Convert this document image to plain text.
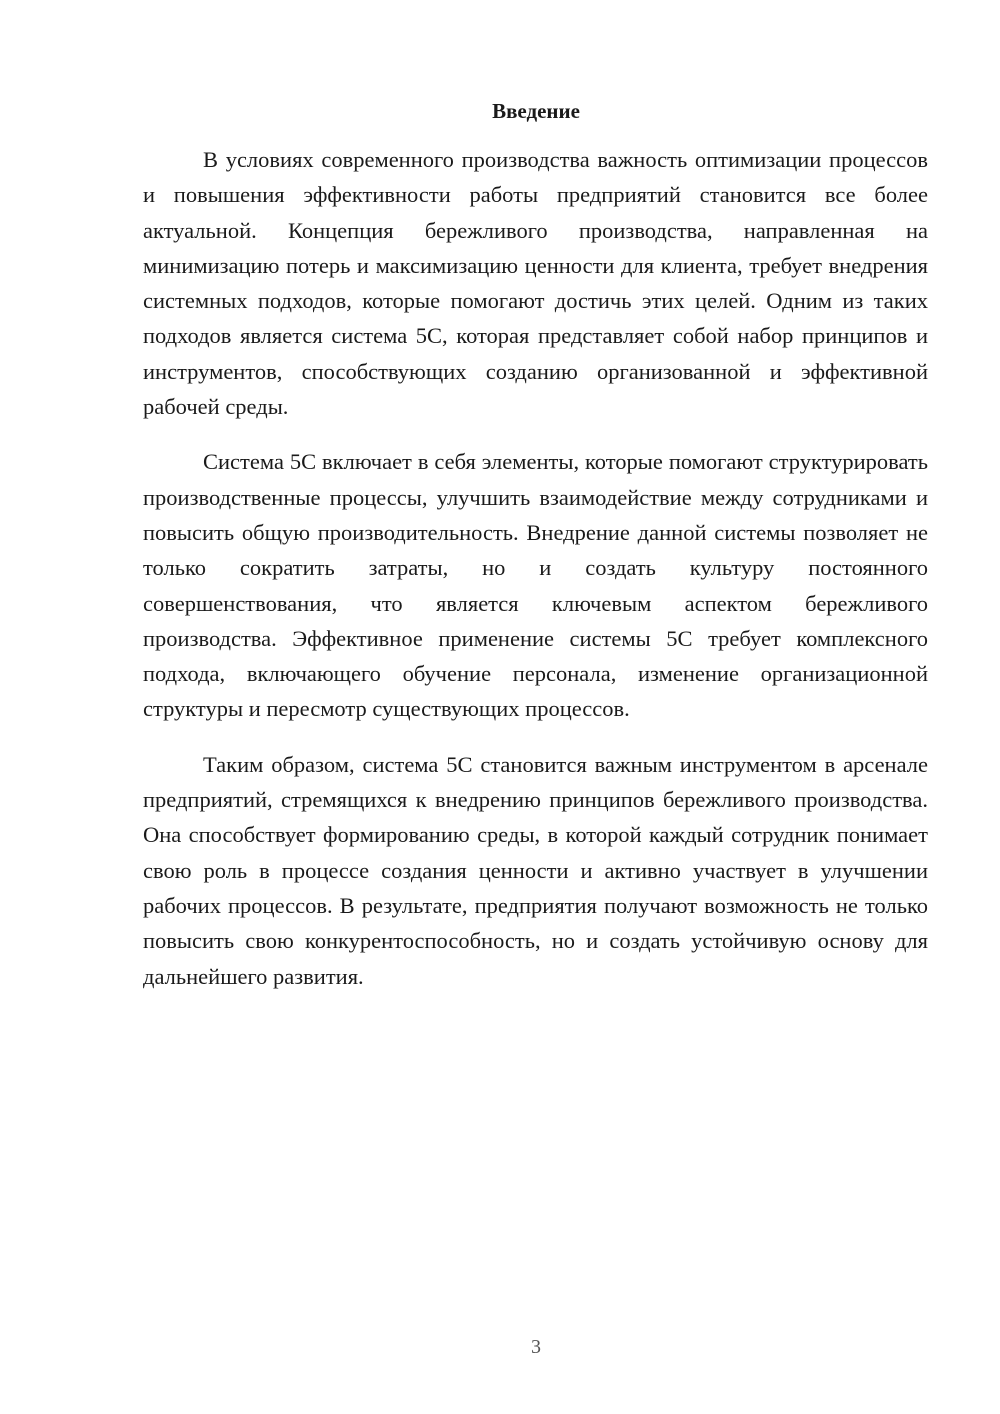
Введение

В условиях современного производства важность оптимизации процессов и повышения эффективности работы предприятий становится все более актуальной. Концепция бережливого производства, направленная на минимизацию потерь и максимизацию ценности для клиента, требует внедрения системных подходов, которые помогают достичь этих целей. Одним из таких подходов является система 5С, которая представляет собой набор принципов и инструментов, способствующих созданию организованной и эффективной рабочей среды.

Система 5С включает в себя элементы, которые помогают структурировать производственные процессы, улучшить взаимодействие между сотрудниками и повысить общую производительность. Внедрение данной системы позволяет не только сократить затраты, но и создать культуру постоянного совершенствования, что является ключевым аспектом бережливого производства. Эффективное применение системы 5С требует комплексного подхода, включающего обучение персонала, изменение организационной структуры и пересмотр существующих процессов.

Таким образом, система 5С становится важным инструментом в арсенале предприятий, стремящихся к внедрению принципов бережливого производства. Она способствует формированию среды, в которой каждый сотрудник понимает свою роль в процессе создания ценности и активно участвует в улучшении рабочих процессов. В результате, предприятия получают возможность не только повысить свою конкурентоспособность, но и создать устойчивую основу для дальнейшего развития.

3
